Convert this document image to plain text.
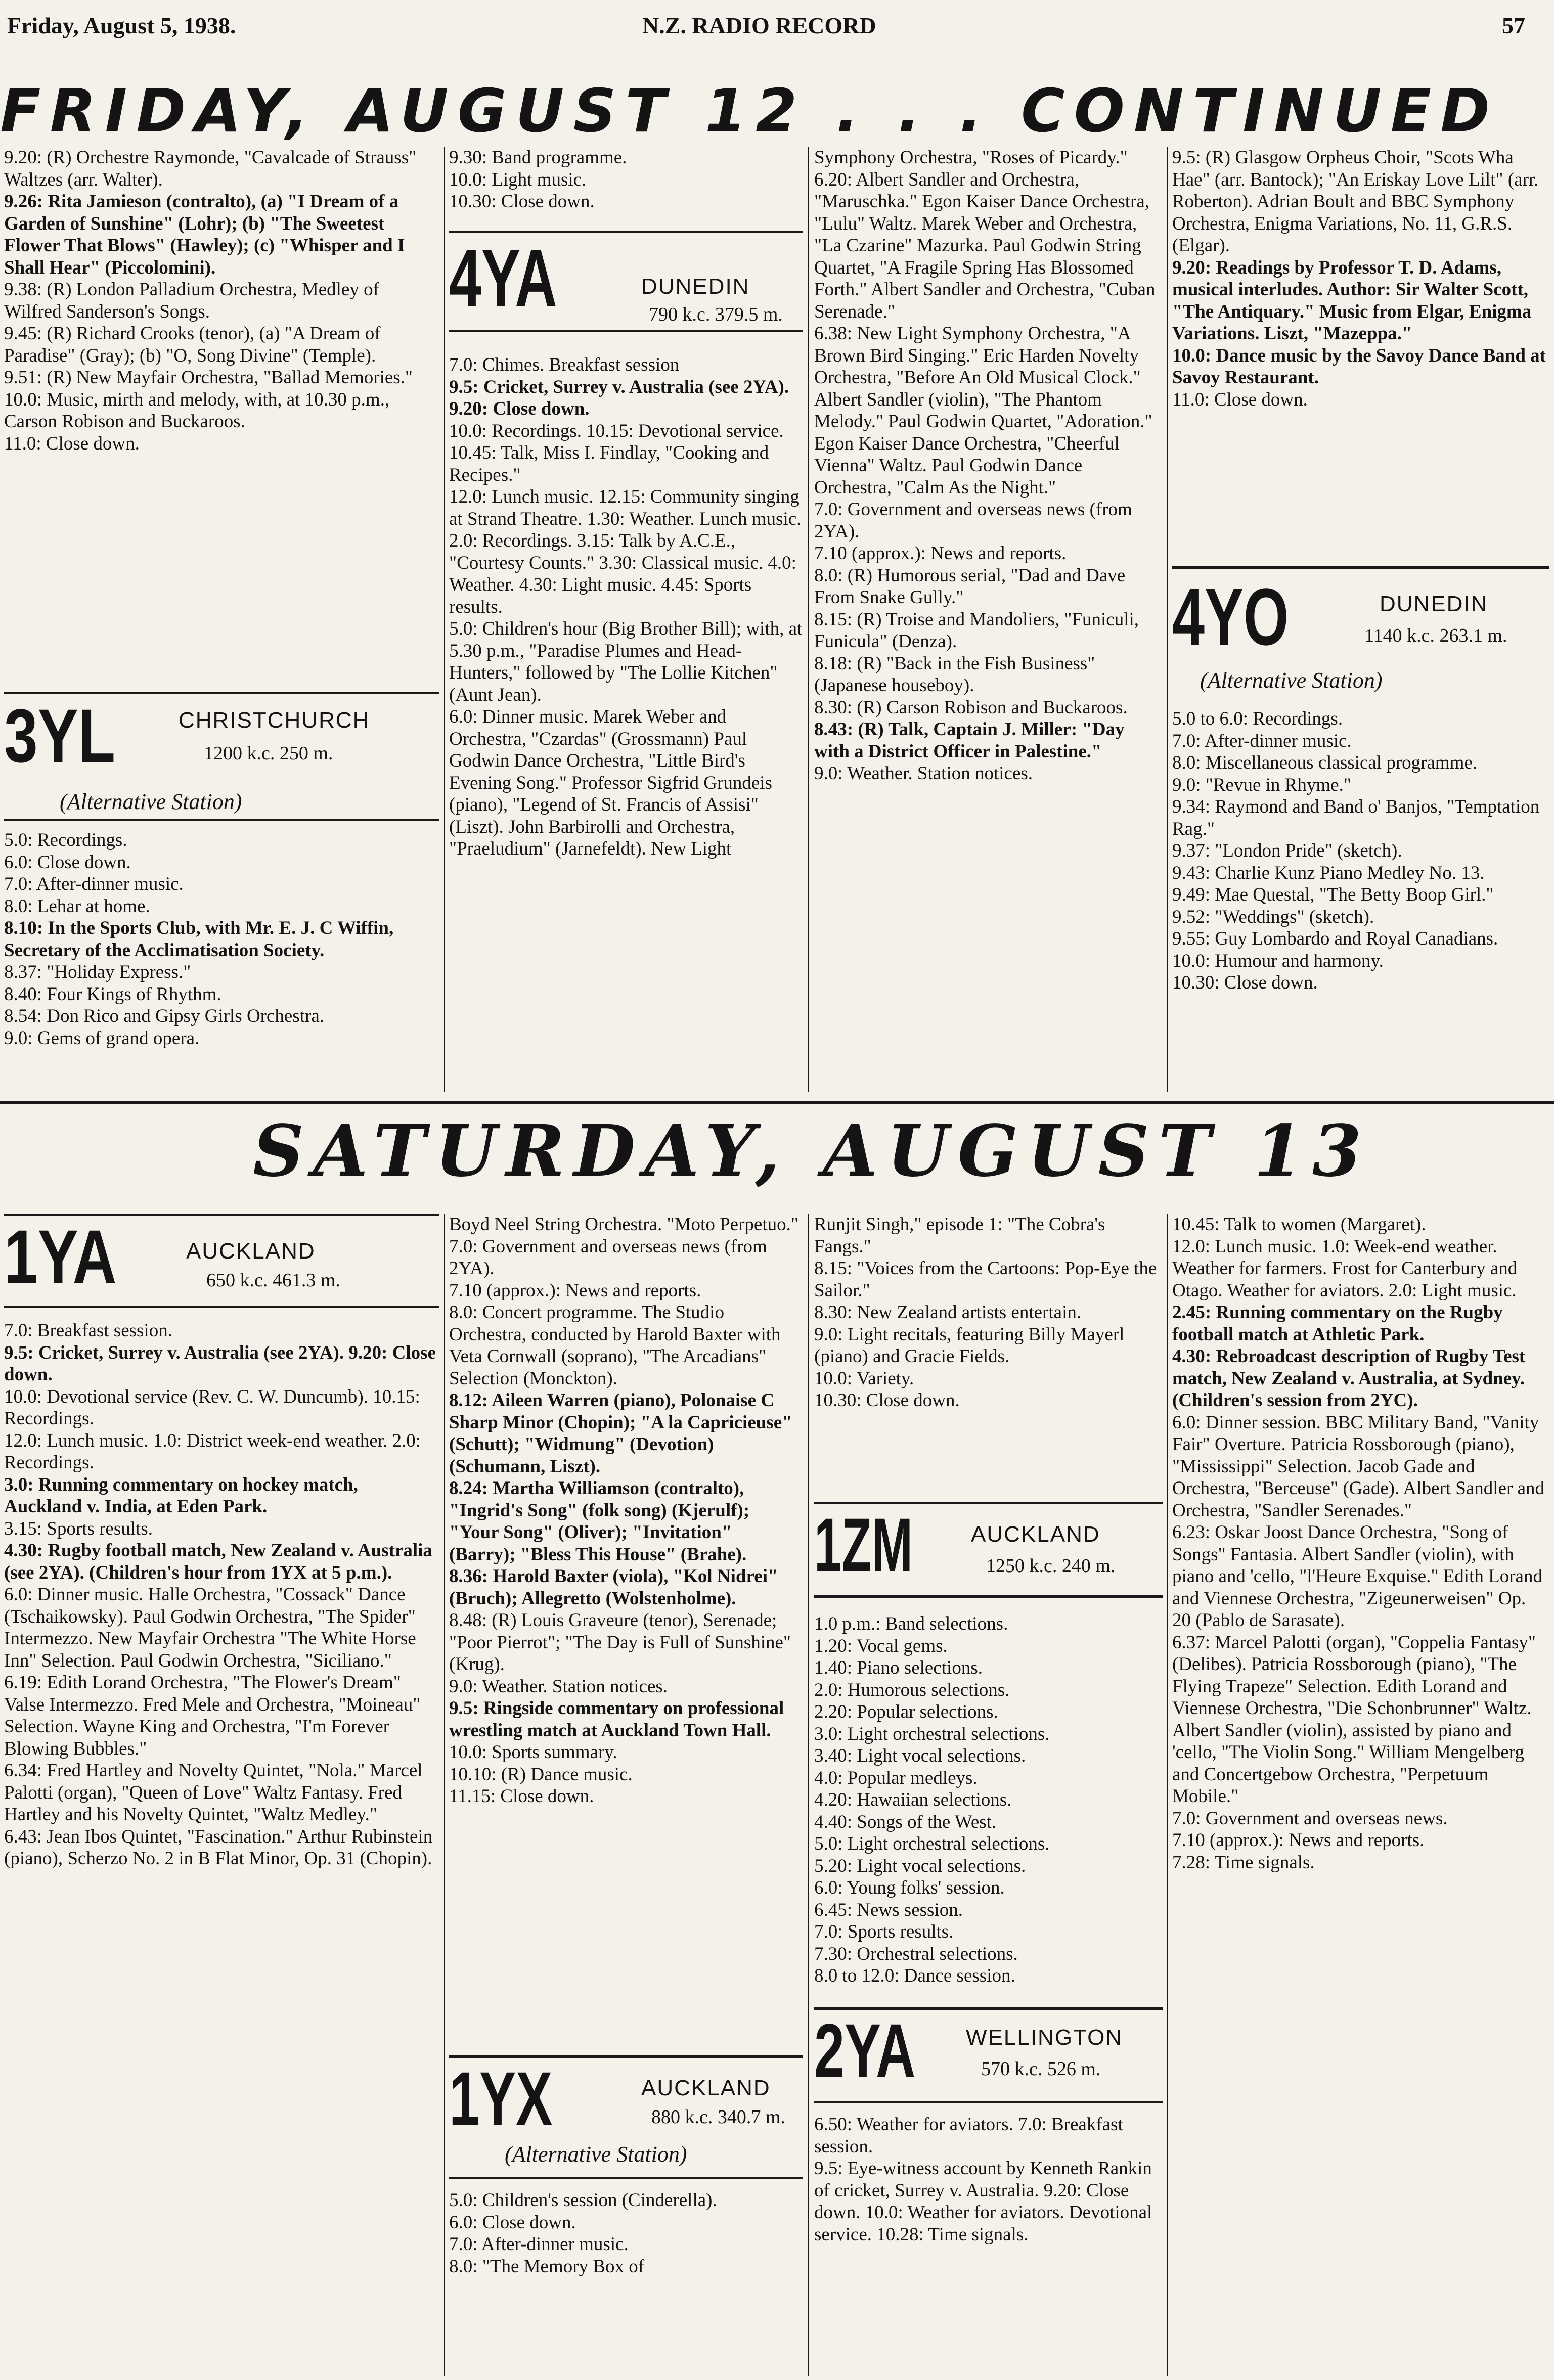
Friday, August 5, 1938.	N.Z. RADIO RECORD	57
FRIDAY, AUGUST 12 . . . CONTINUED

9.20: (R) Orchestre Raymonde, "Cavalcade of Strauss" Waltzes (arr. Walter).

9.26: Rita Jamieson (contralto), (a) "I Dream of a Garden of Sunshine" (Lohr); (b) "The Sweetest Flower That Blows" (Hawley); (c) "Whisper and I Shall Hear" (Piccolomini).

9.38: (R) London Palladium Orchestra, Medley of Wilfred Sanderson's Songs.

9.45: (R) Richard Crooks (tenor), (a) "A Dream of Paradise" (Gray); (b) "O, Song Divine" (Temple).

9.51: (R) New Mayfair Orchestra, "Ballad Memories."

10.0: Music, mirth and melody, with, at 10.30 p.m., Carson Robison and Buckaroos.

11.0: Close down.

3YL	CHRISTCHURCH
1200 k.c. 250 m.
(Alternative Station)

5.0: Recordings.

6.0: Close down.

7.0: After-dinner music.

8.0: Lehar at home.

8.10: In the Sports Club, with Mr. E. J. C Wiffin, Secretary of the Acclimatisation Society.

8.37: "Holiday Express."

8.40: Four Kings of Rhythm.

8.54: Don Rico and Gipsy Girls Orchestra.

9.0: Gems of grand opera.

9.30: Band programme.

10.0: Light music.

10.30: Close down.

4YA	DUNEDIN
790 k.c. 379.5 m.

7.0: Chimes. Breakfast session

9.5: Cricket, Surrey v. Australia (see 2YA). 9.20: Close down.

10.0: Recordings. 10.15: Devotional service. 10.45: Talk, Miss I. Findlay, "Cooking and Recipes."

12.0: Lunch music. 12.15: Community singing at Strand Theatre. 1.30: Weather. Lunch music. 2.0: Recordings. 3.15: Talk by A.C.E., "Courtesy Counts." 3.30: Classical music. 4.0: Weather. 4.30: Light music. 4.45: Sports results.

5.0: Children's hour (Big Brother Bill); with, at 5.30 p.m., "Paradise Plumes and Head-Hunters," followed by "The Lollie Kitchen" (Aunt Jean).

6.0: Dinner music. Marek Weber and Orchestra, "Czardas" (Grossmann) Paul Godwin Dance Orchestra, "Little Bird's Evening Song." Professor Sigfrid Grundeis (piano), "Legend of St. Francis of Assisi" (Liszt). John Barbirolli and Orchestra, "Praeludium" (Jarnefeldt). New Light

Symphony Orchestra, "Roses of Picardy."

6.20: Albert Sandler and Orchestra, "Maruschka." Egon Kaiser Dance Orchestra, "Lulu" Waltz. Marek Weber and Orchestra, "La Czarine" Mazurka. Paul Godwin String Quartet, "A Fragile Spring Has Blossomed Forth." Albert Sandler and Orchestra, "Cuban Serenade."

6.38: New Light Symphony Orchestra, "A Brown Bird Singing." Eric Harden Novelty Orchestra, "Before An Old Musical Clock." Albert Sandler (violin), "The Phantom Melody." Paul Godwin Quartet, "Adoration." Egon Kaiser Dance Orchestra, "Cheerful Vienna" Waltz. Paul Godwin Dance Orchestra, "Calm As the Night."

7.0: Government and overseas news (from 2YA).

7.10 (approx.): News and reports.

8.0: (R) Humorous serial, "Dad and Dave From Snake Gully."

8.15: (R) Troise and Mandoliers, "Funiculi, Funicula" (Denza).

8.18: (R) "Back in the Fish Business" (Japanese houseboy).

8.30: (R) Carson Robison and Buckaroos.

8.43: (R) Talk, Captain J. Miller: "Day with a District Officer in Palestine."

9.0: Weather. Station notices.

9.5: (R) Glasgow Orpheus Choir, "Scots Wha Hae" (arr. Bantock); "An Eriskay Love Lilt" (arr. Roberton). Adrian Boult and BBC Symphony Orchestra, Enigma Variations, No. 11, G.R.S. (Elgar).

9.20: Readings by Professor T. D. Adams, musical interludes. Author: Sir Walter Scott, "The Antiquary." Music from Elgar, Enigma Variations. Liszt, "Mazeppa."

10.0: Dance music by the Savoy Dance Band at Savoy Restaurant.

11.0: Close down.

4YO	DUNEDIN
1140 k.c. 263.1 m.
(Alternative Station)

5.0 to 6.0: Recordings.

7.0: After-dinner music.

8.0: Miscellaneous classical programme.

9.0: "Revue in Rhyme."

9.34: Raymond and Band o' Banjos, "Temptation Rag."

9.37: "London Pride" (sketch).

9.43: Charlie Kunz Piano Medley No. 13.

9.49: Mae Questal, "The Betty Boop Girl."

9.52: "Weddings" (sketch).

9.55: Guy Lombardo and Royal Canadians.

10.0: Humour and harmony.

10.30: Close down.

SATURDAY, AUGUST 13
1YA	AUCKLAND
650 k.c. 461.3 m.

7.0: Breakfast session.

9.5: Cricket, Surrey v. Australia (see 2YA). 9.20: Close down.

10.0: Devotional service (Rev. C. W. Duncumb). 10.15: Recordings.

12.0: Lunch music. 1.0: District week-end weather. 2.0: Recordings.

3.0: Running commentary on hockey match, Auckland v. India, at Eden Park.

3.15: Sports results.

4.30: Rugby football match, New Zealand v. Australia (see 2YA). (Children's hour from 1YX at 5 p.m.).

6.0: Dinner music. Halle Orchestra, "Cossack" Dance (Tschaikowsky). Paul Godwin Orchestra, "The Spider" Intermezzo. New Mayfair Orchestra "The White Horse Inn" Selection. Paul Godwin Orchestra, "Siciliano."

6.19: Edith Lorand Orchestra, "The Flower's Dream" Valse Intermezzo. Fred Mele and Orchestra, "Moineau" Selection. Wayne King and Orchestra, "I'm Forever Blowing Bubbles."

6.34: Fred Hartley and Novelty Quintet, "Nola." Marcel Palotti (organ), "Queen of Love" Waltz Fantasy. Fred Hartley and his Novelty Quintet, "Waltz Medley."

6.43: Jean Ibos Quintet, "Fascination." Arthur Rubinstein (piano), Scherzo No. 2 in B Flat Minor, Op. 31 (Chopin).

Boyd Neel String Orchestra. "Moto Perpetuo."

7.0: Government and overseas news (from 2YA).

7.10 (approx.): News and reports.

8.0: Concert programme. The Studio Orchestra, conducted by Harold Baxter with Veta Cornwall (soprano), "The Arcadians" Selection (Monckton).

8.12: Aileen Warren (piano), Polonaise C Sharp Minor (Chopin); "A la Capricieuse" (Schutt); "Widmung" (Devotion) (Schumann, Liszt).

8.24: Martha Williamson (contralto), "Ingrid's Song" (folk song) (Kjerulf); "Your Song" (Oliver); "Invitation" (Barry); "Bless This House" (Brahe).

8.36: Harold Baxter (viola), "Kol Nidrei" (Bruch); Allegretto (Wolstenholme).

8.48: (R) Louis Graveure (tenor), Serenade; "Poor Pierrot"; "The Day is Full of Sunshine" (Krug).

9.0: Weather. Station notices.

9.5: Ringside commentary on professional wrestling match at Auckland Town Hall.

10.0: Sports summary.

10.10: (R) Dance music.

11.15: Close down.

1YX	AUCKLAND
880 k.c. 340.7 m.
(Alternative Station)

5.0: Children's session (Cinderella).

6.0: Close down.

7.0: After-dinner music.

8.0: "The Memory Box of

Runjit Singh," episode 1: "The Cobra's Fangs."

8.15: "Voices from the Cartoons: Pop-Eye the Sailor."

8.30: New Zealand artists entertain.

9.0: Light recitals, featuring Billy Mayerl (piano) and Gracie Fields.

10.0: Variety.

10.30: Close down.

1ZM	AUCKLAND
1250 k.c. 240 m.

1.0 p.m.: Band selections.

1.20: Vocal gems.

1.40: Piano selections.

2.0: Humorous selections.

2.20: Popular selections.

3.0: Light orchestral selections.

3.40: Light vocal selections.

4.0: Popular medleys.

4.20: Hawaiian selections.

4.40: Songs of the West.

5.0: Light orchestral selections.

5.20: Light vocal selections.

6.0: Young folks' session.

6.45: News session.

7.0: Sports results.

7.30: Orchestral selections.

8.0 to 12.0: Dance session.

2YA WELLINGTON
570 k.c. 526 m.

6.50: Weather for aviators. 7.0: Breakfast session.

9.5: Eye-witness account by Kenneth Rankin of cricket, Surrey v. Australia. 9.20: Close down. 10.0: Weather for aviators. Devotional service. 10.28: Time signals.

10.45: Talk to women (Margaret).

12.0: Lunch music. 1.0: Week-end weather. Weather for farmers. Frost for Canterbury and Otago. Weather for aviators. 2.0: Light music.

2.45: Running commentary on the Rugby football match at Athletic Park.

4.30: Rebroadcast description of Rugby Test match, New Zealand v. Australia, at Sydney. (Children's session from 2YC).

6.0: Dinner session. BBC Military Band, "Vanity Fair" Overture. Patricia Rossborough (piano), "Mississippi" Selection. Jacob Gade and Orchestra, "Berceuse" (Gade). Albert Sandler and Orchestra, "Sandler Serenades."

6.23: Oskar Joost Dance Orchestra, "Song of Songs" Fantasia. Albert Sandler (violin), with piano and 'cello, "l'Heure Exquise." Edith Lorand and Viennese Orchestra, "Zigeunerweisen" Op. 20 (Pablo de Sarasate).

6.37: Marcel Palotti (organ), "Coppelia Fantasy" (Delibes). Patricia Rossborough (piano), "The Flying Trapeze" Selection. Edith Lorand and Viennese Orchestra, "Die Schonbrunner" Waltz. Albert Sandler (violin), assisted by piano and 'cello, "The Violin Song." William Mengelberg and Concertgebow Orchestra, "Perpetuum Mobile."

7.0: Government and overseas news.

7.10 (approx.): News and reports.

7.28: Time signals.
